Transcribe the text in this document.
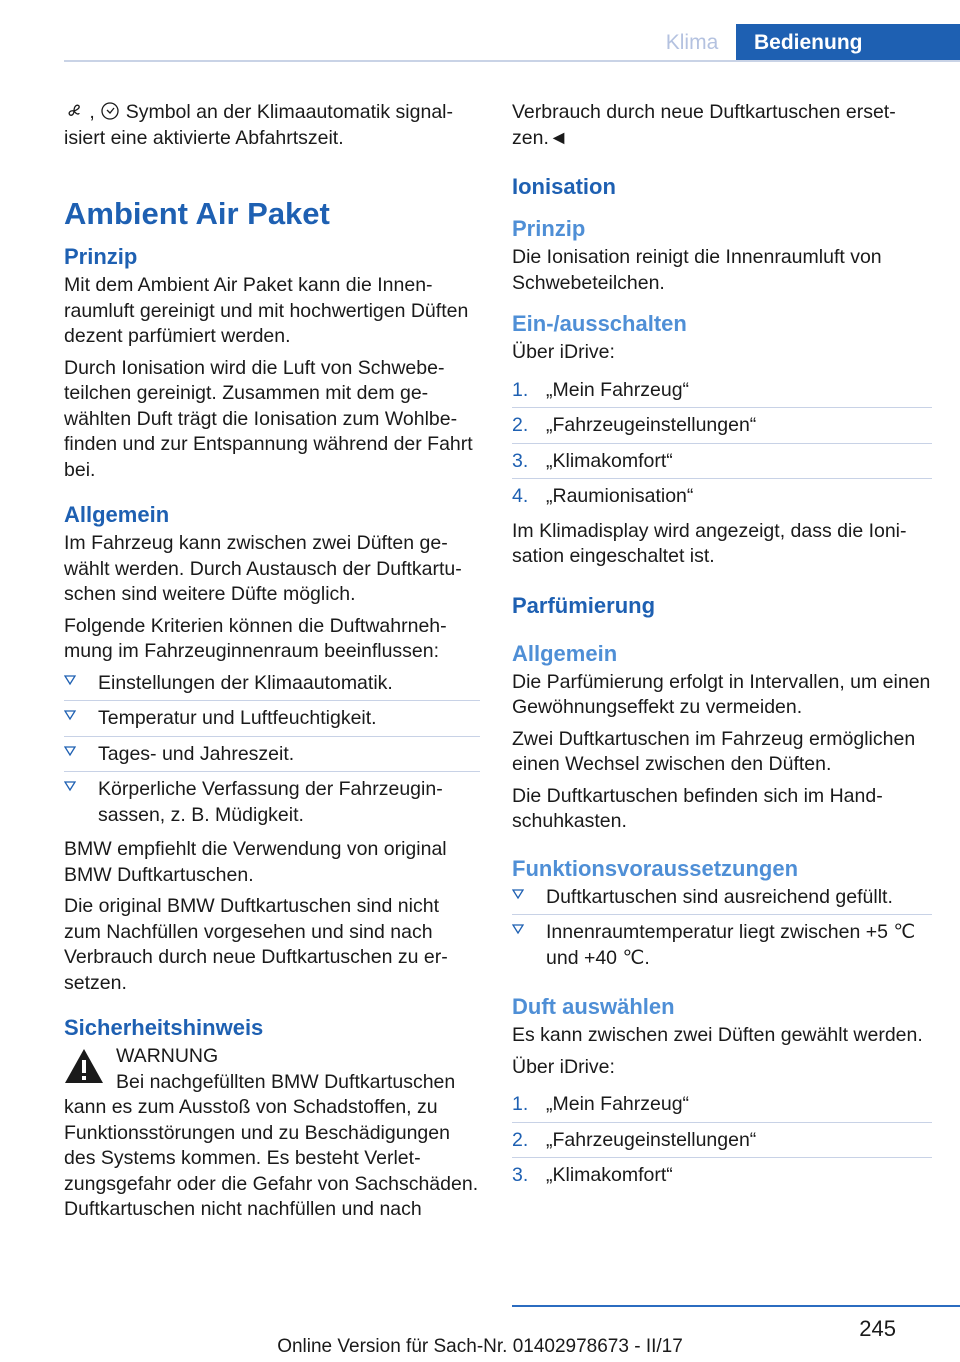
Klima	Bedienung

, Symbol an der Klimaautomatik signal-
isiert eine aktivierte Abfahrtszeit.

Ambient Air Paket
Prinzip

Mit dem Ambient Air Paket kann die Innenraumluft gereinigt und mit hochwertigen Düften dezent parfümiert werden.

Durch Ionisation wird die Luft von Schwebeteilchen gereinigt. Zusammen mit dem gewählten Duft trägt die Ionisation zum Wohlbefinden und zur Entspannung während der Fahrt bei.

Allgemein

Im Fahrzeug kann zwischen zwei Düften gewählt werden. Durch Austausch der Duftkartuschen sind weitere Düfte möglich.

Folgende Kriterien können die Duftwahrnehmung im Fahrzeuginnenraum beeinflussen:

Einstellungen der Klimaautomatik.
Temperatur und Luftfeuchtigkeit.
Tages- und Jahreszeit.
Körperliche Verfassung der Fahrzeuginsassen, z. B. Müdigkeit.

BMW empfiehlt die Verwendung von original BMW Duftkartuschen.

Die original BMW Duftkartuschen sind nicht zum Nachfüllen vorgesehen und sind nach Verbrauch durch neue Duftkartuschen zu ersetzen.

Sicherheitshinweis

WARNUNG

Bei nachgefüllten BMW Duftkartuschen

kann es zum Ausstoß von Schadstoffen, zu Funktionsstörungen und zu Beschädigungen des Systems kommen. Es besteht Verletzungsgefahr oder die Gefahr von Sachschäden. Duftkartuschen nicht nachfüllen und nach

Verbrauch durch neue Duftkartuschen ersetzen.◄

Ionisation
Prinzip

Die Ionisation reinigt die Innenraumluft von Schwebeteilchen.

Ein-/ausschalten

Über iDrive:

1. „Mein Fahrzeug“
2. „Fahrzeugeinstellungen“
3. „Klimakomfort“
4. „Raumionisation“

Im Klimadisplay wird angezeigt, dass die Ionisation eingeschaltet ist.

Parfümierung
Allgemein

Die Parfümierung erfolgt in Intervallen, um einen Gewöhnungseffekt zu vermeiden.

Zwei Duftkartuschen im Fahrzeug ermöglichen einen Wechsel zwischen den Düften.

Die Duftkartuschen befinden sich im Handschuhkasten.

Funktionsvoraussetzungen
Duftkartuschen sind ausreichend gefüllt.
Innenraumtemperatur liegt zwischen +5 ℃ und +40 ℃.
Duft auswählen

Es kann zwischen zwei Düften gewählt werden.

Über iDrive:

1. „Mein Fahrzeug“
2. „Fahrzeugeinstellungen“
3. „Klimakomfort“
245
Online Version für Sach-Nr. 01402978673 - II/17
